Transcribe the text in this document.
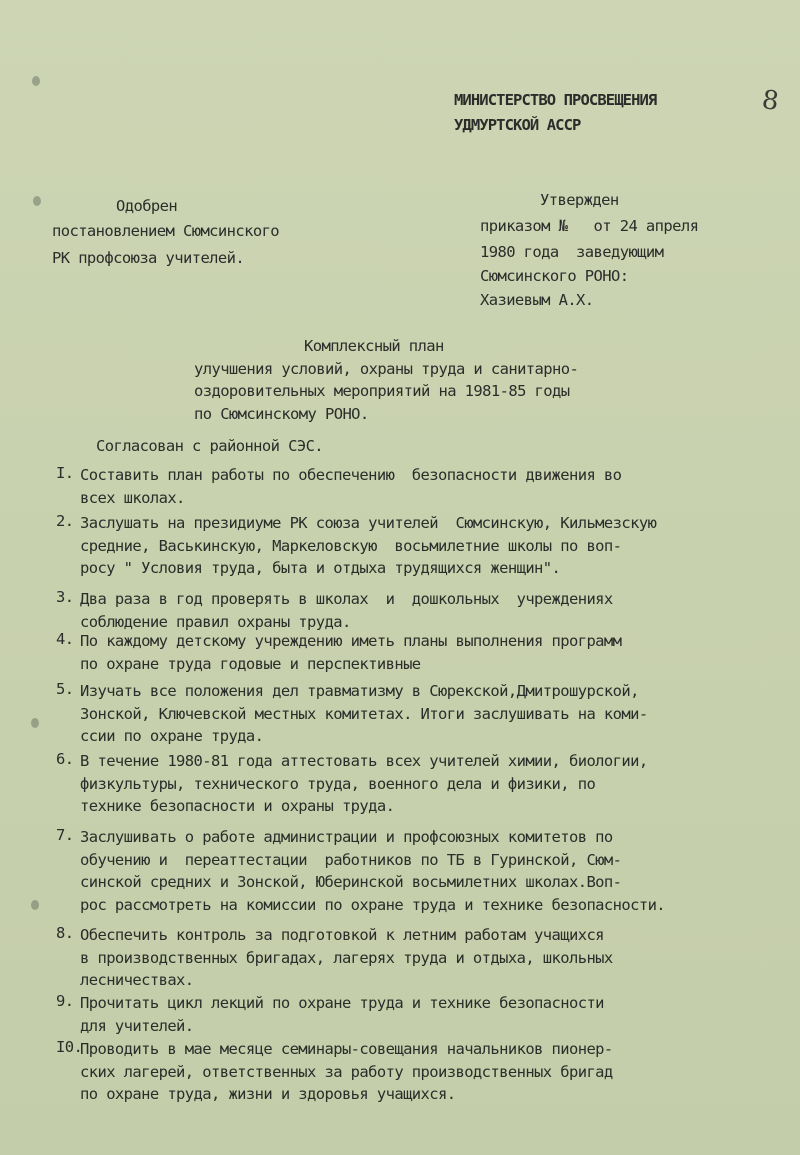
8
МИНИСТЕРСТВО ПРОСВЕЩЕНИЯ
УДМУРТСКОЙ АССР
Одобрен
постановлением Сюмсинского
РК профсоюза учителей.
Утвержден
приказом №   от 24 апреля
1980 года  заведующим
Сюмсинского РОНО:
Хазиевым А.Х.
Комплексный план
улучшения условий, охраны труда и санитарно-
оздоровительных мероприятий на 1981-85 годы
по Сюмсинскому РОНО.
Согласован с районной СЭС.
I. Составить план работы по обеспечению  безопасности движения во
всех школах.
2. Заслушать на президиуме РК союза учителей  Сюмсинскую, Кильмезскую
средние, Васькинскую, Маркеловскую  восьмилетние школы по воп-
росу " Условия труда, быта и отдыха трудящихся женщин".
3. Два раза в год проверять в школах  и  дошкольных  учреждениях
соблюдение правил охраны труда.
4. По каждому детскому учреждению иметь планы выполнения программ
по охране труда годовые и перспективные
5. Изучать все положения дел травматизму в Сюрекской,Дмитрошурской,
Зонской, Ключевской местных комитетах. Итоги заслушивать на коми-
ссии по охране труда.
6. В течение 1980-81 года аттестовать всех учителей химии, биологии,
физкультуры, технического труда, военного дела и физики, по
технике безопасности и охраны труда.
7. Заслушивать о работе администрации и профсоюзных комитетов по
обучению и  переаттестации  работников по ТБ в Гуринской, Сюм-
синской средних и Зонской, Юберинской восьмилетних школах.Воп-
рос рассмотреть на комиссии по охране труда и технике безопасности.
8. Обеспечить контроль за подготовкой к летним работам учащихся
в производственных бригадах, лагерях труда и отдыха, школьных
лесничествах.
9. Прочитать цикл лекций по охране труда и технике безопасности
для учителей.
I0.
Проводить в мае месяце семинары-совещания начальников пионер-
ских лагерей, ответственных за работу производственных бригад
по охране труда, жизни и здоровья учащихся.
